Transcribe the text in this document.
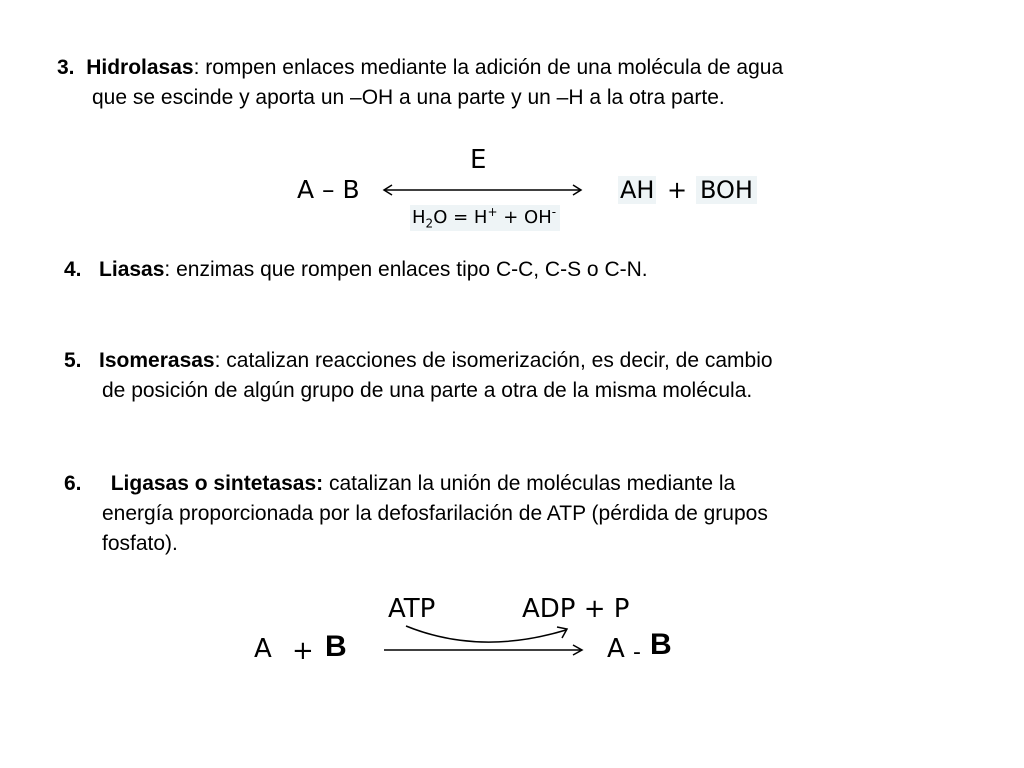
3. Hidrolasas: rompen enlaces mediante la adición de una molécula de agua
que se escinde y aporta un –OH a una parte y un –H a la otra parte.
E
A – B	AH + BOH
$H_2O = H^+ + OH^-$
4. Liasas: enzimas que rompen enlaces tipo C-C, C-S o C-N.
5. Isomerasas: catalizan reacciones de isomerización, es decir, de cambio
de posición de algún grupo de una parte a otra de la misma molécula.
6. Ligasas o sintetasas: catalizan la unión de moléculas mediante la
energía proporcionada por la defosfarilación de ATP (pérdida de grupos
fosfato).
ATP	ADP + P
A + B	A - B
